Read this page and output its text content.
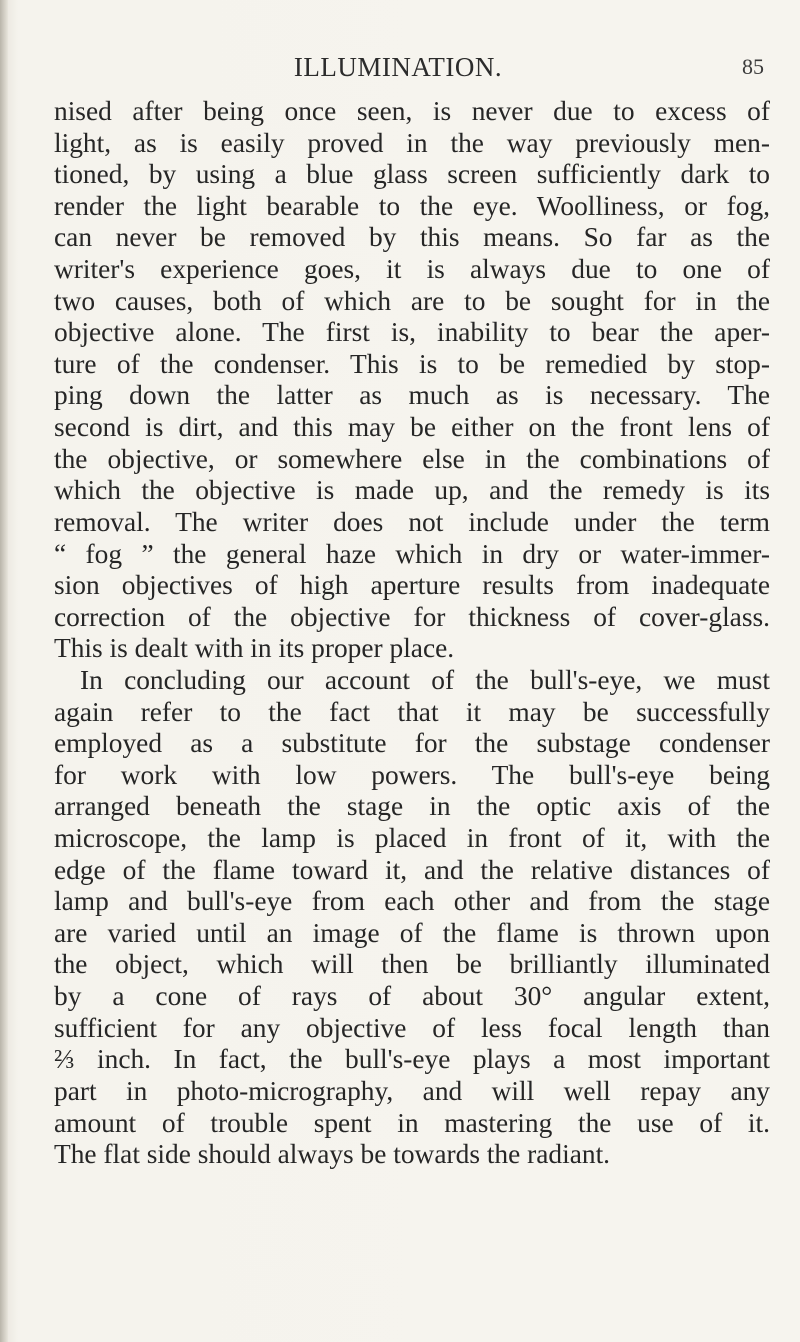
ILLUMINATION.	85
nised after being once seen, is never due to excess of
light, as is easily proved in the way previously men-
tioned, by using a blue glass screen sufficiently dark to
render the light bearable to the eye. Woolliness, or fog,
can never be removed by this means. So far as the
writer's experience goes, it is always due to one of
two causes, both of which are to be sought for in the
objective alone. The first is, inability to bear the aper-
ture of the condenser. This is to be remedied by stop-
ping down the latter as much as is necessary. The
second is dirt, and this may be either on the front lens of
the objective, or somewhere else in the combinations of
which the objective is made up, and the remedy is its
removal. The writer does not include under the term
“ fog ” the general haze which in dry or water-immer-
sion objectives of high aperture results from inadequate
correction of the objective for thickness of cover-glass.
This is dealt with in its proper place.
In concluding our account of the bull's-eye, we must
again refer to the fact that it may be successfully
employed as a substitute for the substage condenser
for work with low powers. The bull's-eye being
arranged beneath the stage in the optic axis of the
microscope, the lamp is placed in front of it, with the
edge of the flame toward it, and the relative distances of
lamp and bull's-eye from each other and from the stage
are varied until an image of the flame is thrown upon
the object, which will then be brilliantly illuminated
by a cone of rays of about 30° angular extent,
sufficient for any objective of less focal length than
⅔ inch. In fact, the bull's-eye plays a most important
part in photo-micrography, and will well repay any
amount of trouble spent in mastering the use of it.
The flat side should always be towards the radiant.
